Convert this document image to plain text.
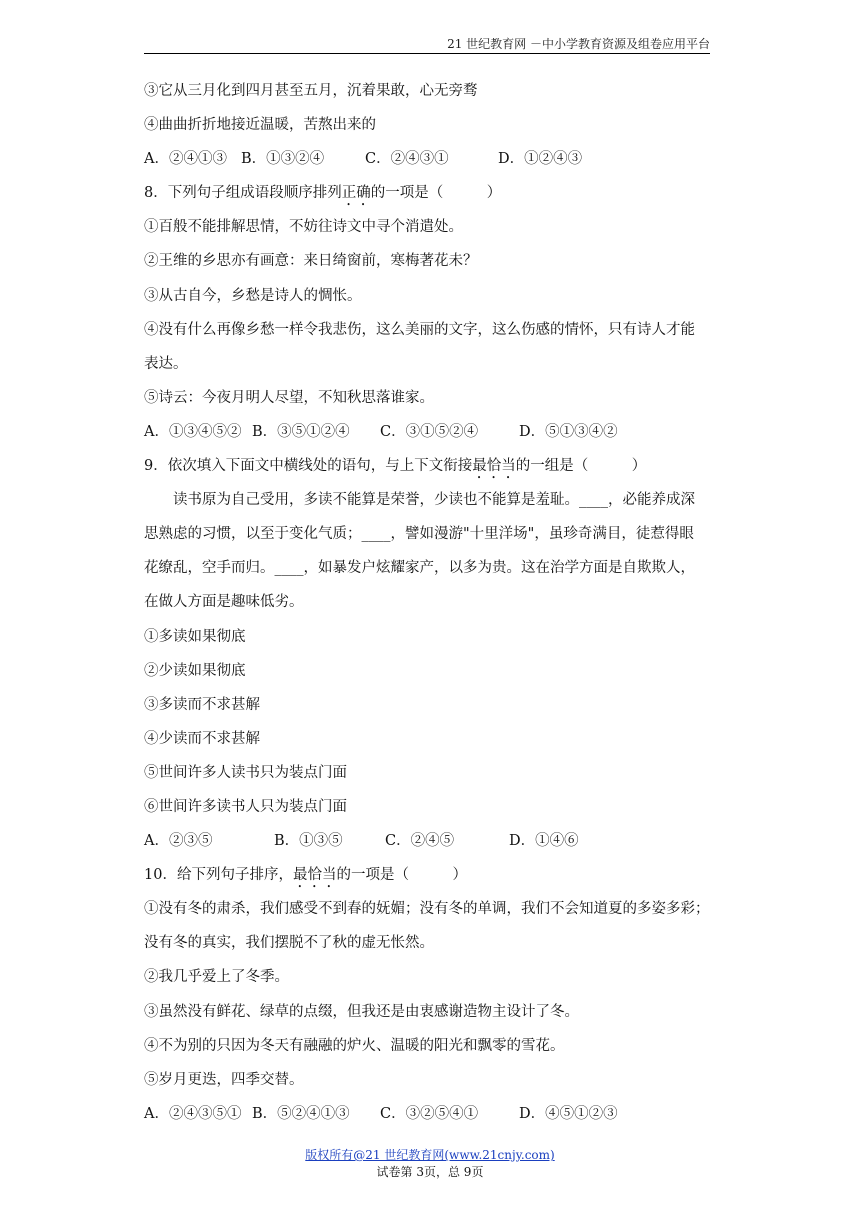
21 世纪教育网 －中小学教育资源及组卷应用平台
③它从三月化到四月甚至五月，沉着果敢，心无旁骛
④曲曲折折地接近温暖，苦熬出来的
A．②④①③ B．①③②④	C．②④③①	D．①②④③
8．下列句子组成语段顺序排列正确的一项是（　　　）
①百般不能排解思情，不妨往诗文中寻个消遣处。
②王维的乡思亦有画意：来日绮窗前，寒梅著花未？
③从古自今，乡愁是诗人的惆怅。
④没有什么再像乡愁一样令我悲伤，这么美丽的文字，这么伤感的情怀，只有诗人才能
表达。
⑤诗云：今夜月明人尽望，不知秋思落谁家。
A．①③④⑤② B．③⑤①②④ C．③①⑤②④	D．⑤①③④②
9．依次填入下面文中横线处的语句，与上下文衔接最恰当的一组是（　　　）
读书原为自己受用，多读不能算是荣誉，少读也不能算是羞耻。____，必能养成深
思熟虑的习惯，以至于变化气质；____，譬如漫游"十里洋场"，虽珍奇满目，徒惹得眼
花缭乱，空手而归。____，如暴发户炫耀家产，以多为贵。这在治学方面是自欺欺人，
在做人方面是趣味低劣。
①多读如果彻底
②少读如果彻底
③多读而不求甚解
④少读而不求甚解
⑤世间许多人读书只为装点门面
⑥世间许多读书人只为装点门面
A．②③⑤	B．①③⑤	C．②④⑤	D．①④⑥
10．给下列句子排序，最恰当的一项是（　　　）
①没有冬的肃杀，我们感受不到春的妩媚；没有冬的单调，我们不会知道夏的多姿多彩；
没有冬的真实，我们摆脱不了秋的虚无怅然。
②我几乎爱上了冬季。
③虽然没有鲜花、绿草的点缀，但我还是由衷感谢造物主设计了冬。
④不为别的只因为冬天有融融的炉火、温暖的阳光和飘零的雪花。
⑤岁月更迭，四季交替。
A．②④③⑤① B．⑤②④①③ C．③②⑤④①	D．④⑤①②③
版权所有@21 世纪教育网(www.21cnjy.com)
试卷第 3页，总 9页
